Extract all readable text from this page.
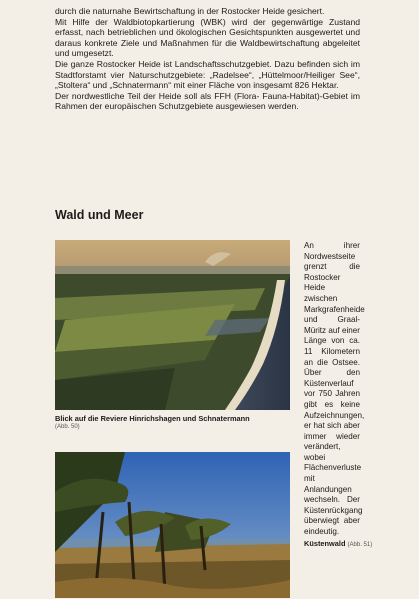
durch die naturnahe Bewirtschaftung in der Rostocker Heide gesichert.

Mit Hilfe der Waldbiotopkartierung (WBK) wird der gegenwärtige Zustand erfasst, nach betrieblichen und ökologischen Gesichtspunkten ausgewertet und daraus konkrete Ziele und Maßnahmen für die Waldbewirtschaftung abgeleitet und umgesetzt.

Die ganze Rostocker Heide ist Landschaftsschutzgebiet. Dazu befinden sich im Stadtforstamt vier Naturschutzgebiete: „Radelsee“, „Hüttelmoor/Heiliger See“, „Stoltera“ und „Schnatermann“ mit einer Fläche von insgesamt 826 Hektar.

Der nordwestliche Teil der Heide soll als FFH (Flora- Fauna-Habitat)-Gebiet im Rahmen der europäischen Schutzgebiete ausgewiesen werden.

Wald und Meer
Blick auf die Reviere Hinrichshagen und Schnatermann
(Abb. 50)
An ihrer Nordwestseite grenzt die Rostocker Heide zwischen Markgrafenheide und Graal-Müritz auf einer Länge von ca. 11 Kilometern an die Ostsee. Über den Küstenverlauf vor 750 Jahren gibt es keine Aufzeichnungen, er hat sich aber immer wieder verändert, wobei Flächenverluste mit Anlandungen wechseln. Der Küstenrückgang überwiegt aber eindeutig.
Küstenwald (Abb. 51)
